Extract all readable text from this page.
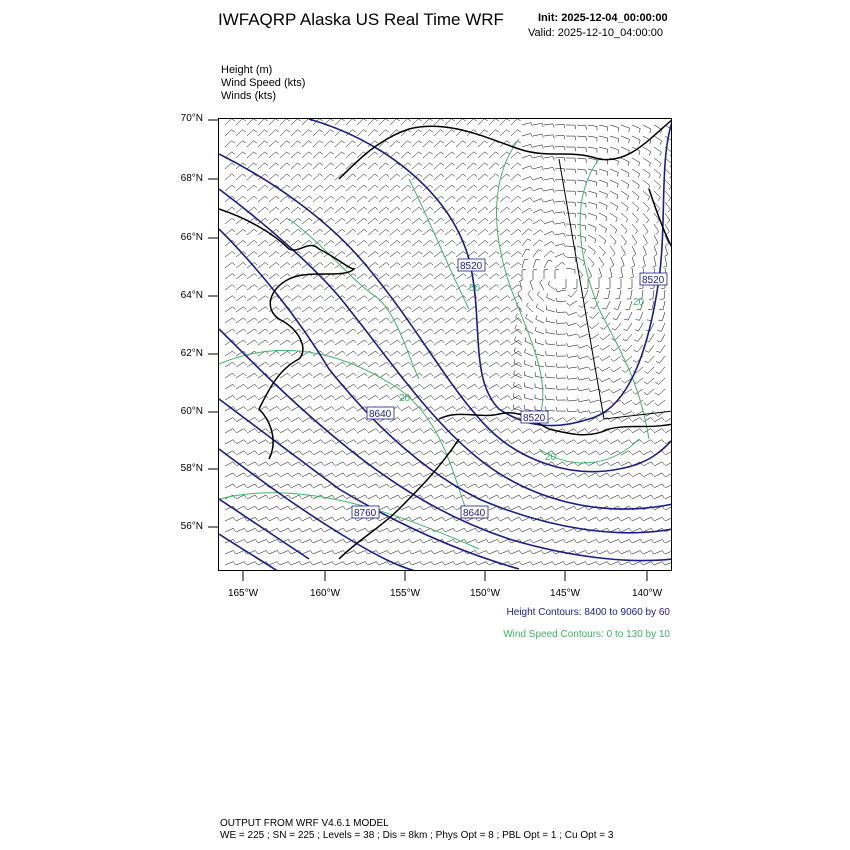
IWFAQRP Alaska US Real Time WRF	Init: 2025-12-04_00:00:00
Valid: 2025-12-10_04:00:00
Height (m)
Wind Speed (kts)
Winds (kts)
70°N
68°N
66°N
64°N
62°N
60°N
58°N
56°N
165°W	160°W	155°W	150°W	145°W	140°W
8520
8520
8520
8640
8640
8760
50
20
20
20
Height Contours: 8400 to 9060 by 60
Wind Speed Contours: 0 to 130 by 10
OUTPUT FROM WRF V4.6.1 MODEL
WE = 225 ; SN = 225 ; Levels = 38 ; Dis = 8km ; Phys Opt = 8 ; PBL Opt = 1 ; Cu Opt = 3
